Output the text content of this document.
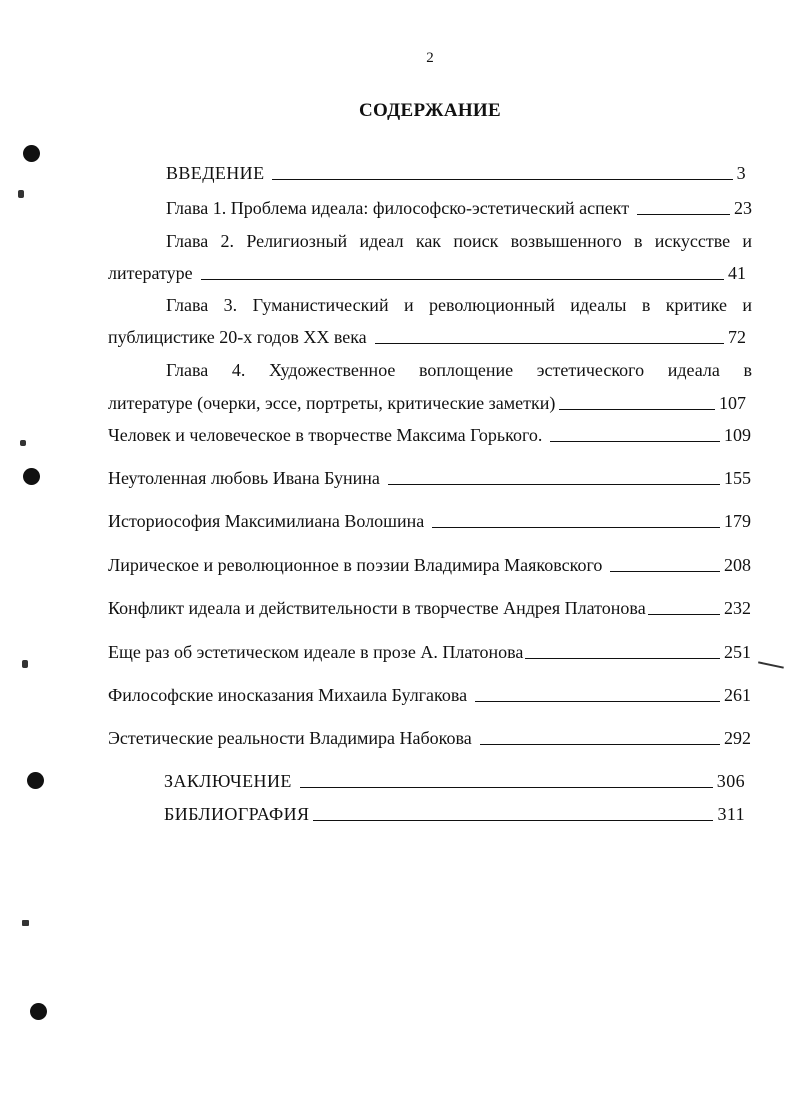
2
СОДЕРЖАНИЕ
ВВЕДЕНИЕ	3
Глава 1. Проблема идеала: философско-эстетический аспект	23
Глава 2. Религиозный идеал как поиск возвышенного в искусстве и
литературе	41
Глава 3. Гуманистический и революционный идеалы в критике и
публицистике 20-х годов XX века	72
Глава 4. Художественное воплощение эстетического идеала в
литературе (очерки, эссе, портреты, критические заметки)	107
Человек и человеческое в творчестве Максима Горького.	109
Неутоленная любовь Ивана Бунина	155
Историософия Максимилиана Волошина	179
Лирическое и революционное в поэзии Владимира Маяковского	208
Конфликт идеала и действительности в творчестве Андрея Платонова	232
Еще раз об эстетическом идеале в прозе А. Платонова	251
Философские иносказания Михаила Булгакова	261
Эстетические реальности Владимира Набокова	292
ЗАКЛЮЧЕНИЕ	306
БИБЛИОГРАФИЯ	311
